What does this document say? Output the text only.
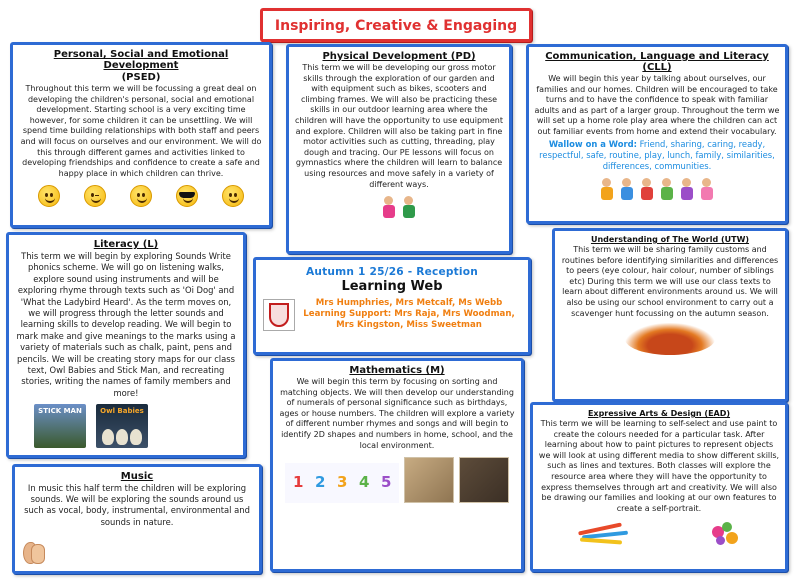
Inspiring, Creative & Engaging
Personal, Social and Emotional Development
(PSED)

Throughout this term we will be focussing a great deal on developing the children's personal, social and emotional development. Starting school is a very exciting time however, for some children it can be unsettling. We will spend time building relationships with both staff and peers and will focus on ourselves and our environment. We will do this through different games and activities linked to developing friendships and confidence to create a safe and happy place in which children can thrive.

Physical Development (PD)

This term we will be developing our gross motor skills through the exploration of our garden and with equipment such as bikes, scooters and climbing frames. We will also be practicing these skills in our outdoor learning area where the children will have the opportunity to use equipment and explore. Children will also be taking part in fine motor activities such as cutting, threading, play dough and tracing. Our PE lessons will focus on gymnastics where the children will learn to balance using resources and move safely in a variety of different ways.

Communication, Language and Literacy (CLL)

We will begin this year by talking about ourselves, our families and our homes. Children will be encouraged to take turns and to have the confidence to speak with familiar adults and as part of a larger group. Throughout the term we will set up a home role play area where the children can act out familiar events from home and extend their vocabulary.

Wallow on a Word: Friend, sharing, caring, ready, respectful, safe, routine, play, lunch, family, similarities, differences, communities.
Literacy (L)

This term we will begin by exploring Sounds Write phonics scheme. We will go on listening walks, explore sound using instruments and will be exploring rhyme through texts such as 'Oi Dog' and 'What the Ladybird Heard'. As the term moves on, we will progress through the letter sounds and learning skills to develop reading. We will begin to mark make and give meanings to the marks using a variety of materials such as chalk, paint, pens and pencils. We will be creating story maps for our class text, Owl Babies and Stick Man, and recreating stories, writing the names of family members and more!

STICK MAN	Owl Babies
Autumn 1 25/26 - Reception
Learning Web
Mrs Humphries, Mrs Metcalf, Ms Webb Learning Support: Mrs Raja, Mrs Woodman, Mrs Kingston, Miss Sweetman
Understanding of The World (UTW)

This term we will be sharing family customs and routines before identifying similarities and differences to peers (eye colour, hair colour, number of siblings etc) During this term we will use our class texts to learn about different environments around us. We will also be using our school environment to carry out a scavenger hunt focussing on the autumn season.

Mathematics (M)

We will begin this term by focusing on sorting and matching objects. We will then develop our understanding of numerals of personal significance such as birthdays, ages or house numbers. The children will explore a variety of different number rhymes and songs and will begin to identify 2D shapes and numbers in home, school, and the local environment.

1 2 3 4 5
Expressive Arts & Design (EAD)

This term we will be learning to self-select and use paint to create the colours needed for a particular task. After learning about how to paint pictures to represent objects we will look at using different media to show different skills, such as lines and textures. Both classes will explore the resource area where they will have the opportunity to express themselves through art and creativity. We will also be drawing our families and looking at our own features to create a self-portrait.

Music

In music this half term the children will be exploring sounds. We will be exploring the sounds around us such as vocal, body, instrumental, environmental and sounds in nature.
